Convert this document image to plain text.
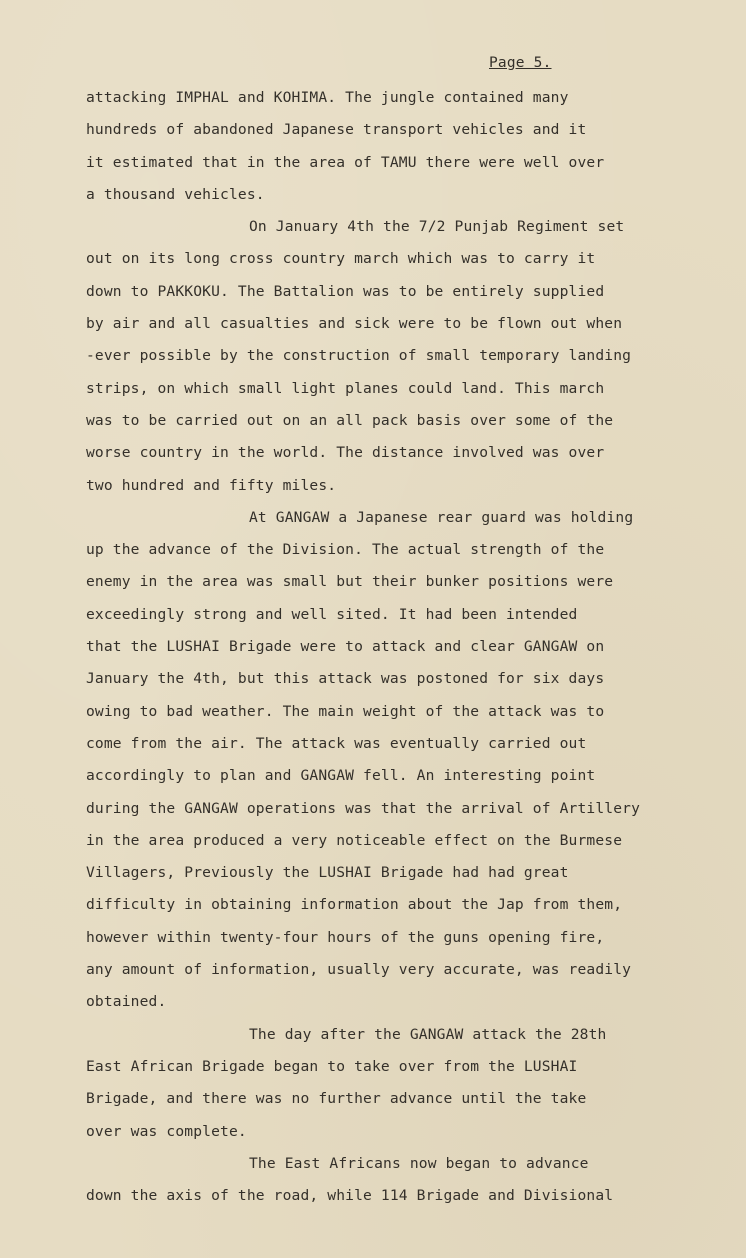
Page 5.
attacking IMPHAL and KOHIMA. The jungle contained many
hundreds of abandoned Japanese transport vehicles and it
it estimated that in the area of TAMU there were well over
a thousand vehicles.
On January 4th the 7/2 Punjab Regiment set
out on its long cross country march which was to carry it
down to PAKKOKU. The Battalion was to be entirely supplied
by air and all casualties and sick were to be flown out when
-ever possible by the construction of small temporary landing
strips, on which small light planes could land. This march
was to be carried out on an all pack basis over some of the
worse country in the world. The distance involved was over
two hundred and fifty miles.
At GANGAW a Japanese rear guard was holding
up the advance of the Division. The actual strength of the
enemy in the area was small but their bunker positions were
exceedingly strong and well sited. It had been intended
that the LUSHAI Brigade were to attack and clear GANGAW on
January the 4th, but this attack was postoned for six days
owing to bad weather. The main weight of the attack was to
come from the air. The attack was eventually carried out
accordingly to plan and GANGAW fell. An interesting point
during the GANGAW operations was that the arrival of Artillery
in the area produced a very noticeable effect on the Burmese
Villagers, Previously the LUSHAI Brigade had had great
difficulty in obtaining information about the Jap from them,
however within twenty-four hours of the guns opening fire,
any amount of information, usually very accurate, was readily
obtained.
The day after the GANGAW attack the 28th
East African Brigade began to take over from the LUSHAI
Brigade, and there was no further advance until the take
over was complete.
The East Africans now began to advance
down the axis of the road, while 114 Brigade and Divisional
